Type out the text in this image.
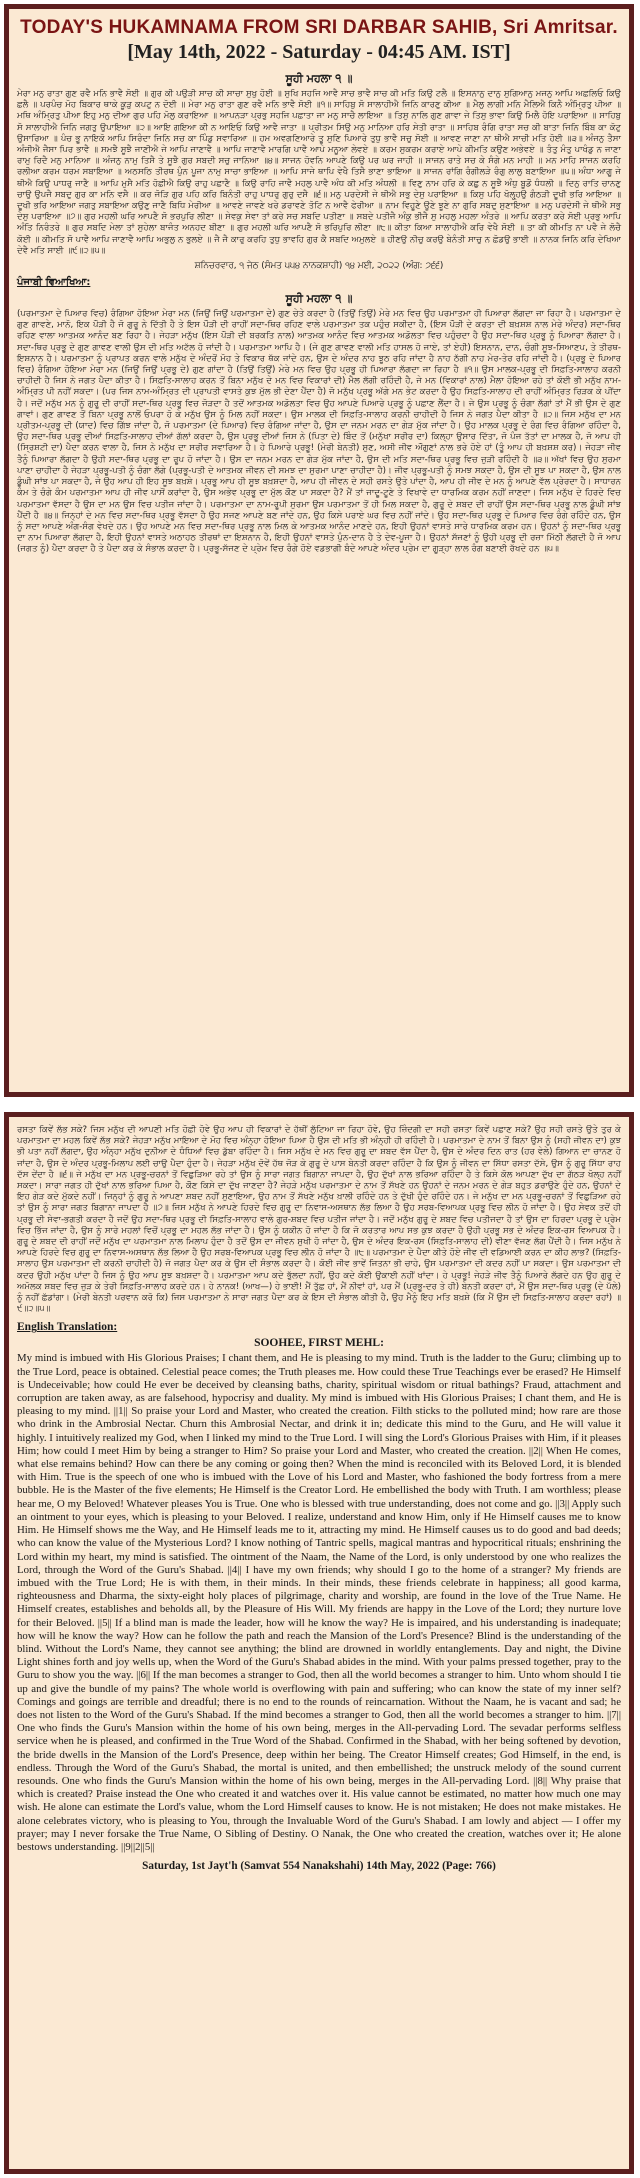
TODAY'S HUKAMNAMA FROM SRI DARBAR SAHIB, Sri Amritsar.
[May 14th, 2022 - Saturday - 04:45 AM. IST]
ਸੂਹੀ ਮਹਲਾ ੧ ॥
ਮੇਰਾ ਮਨੁ ਰਾਤਾ ਗੁਣ ਰਵੈ ਮਨਿ ਭਾਵੈ ਸੋਈ ॥ ਗੁਰ ਕੀ ਪਉੜੀ ਸਾਚ ਕੀ ਸਾਚਾ ਸੁਖੁ ਹੋਈ ॥ ਸੁਖਿ ਸਹਜਿ ਆਵੈ ਸਾਚ ਭਾਵੈ ਸਾਚ ਕੀ ਮਤਿ ਕਿਉ ਟਲੈ ॥ ਇਸਨਾਨੁ ਦਾਨੁ ਸੁਗਿਆਨੁ ਮਜਨੁ ਆਪਿ ਅਛਲਿਓ ਕਿਉ ਛਲੈ ॥ ਪਰਪੰਚ ਮੋਹ ਬਿਕਾਰ ਥਾਕੇ ਕੂੜੁ ਕਪਟੁ ਨ ਦੋਈ ॥ ਮੇਰਾ ਮਨੁ ਰਾਤਾ ਗੁਣ ਰਵੈ ਮਨਿ ਭਾਵੈ ਸੋਈ ॥੧॥ ਸਾਹਿਬੁ ਸੋ ਸਾਲਾਹੀਐ ਜਿਨਿ ਕਾਰਣੁ ਕੀਆ ॥ ਮੈਲੁ ਲਾਗੀ ਮਨਿ ਮੈਲਿਐ ਕਿਨੈ ਅੰਮ੍ਰਿਤੁ ਪੀਆ ॥ ਮਥਿ ਅੰਮ੍ਰਿਤੁ ਪੀਆ ਇਹੁ ਮਨੁ ਦੀਆ ਗੁਰ ਪਹਿ ਮੋਲੁ ਕਰਾਇਆ ॥ ਆਪਨੜਾ ਪ੍ਰਭੁ ਸਹਜਿ ਪਛਾਤਾ ਜਾ ਮਨੁ ਸਾਚੈ ਲਾਇਆ ॥ ਤਿਸੁ ਨਾਲਿ ਗੁਣ ਗਾਵਾ ਜੇ ਤਿਸੁ ਭਾਵਾ ਕਿਉ ਮਿਲੈ ਹੋਇ ਪਰਾਇਆ ॥ ਸਾਹਿਬੁ ਸੋ ਸਾਲਾਹੀਐ ਜਿਨਿ ਜਗਤੁ ਉਪਾਇਆ ॥੨॥ ਆਇ ਗਇਆ ਕੀ ਨ ਆਇਓ ਕਿਉ ਆਵੈ ਜਾਤਾ ॥ ਪ੍ਰੀਤਮ ਸਿਉ ਮਨੁ ਮਾਨਿਆ ਹਰਿ ਸੇਤੀ ਰਾਤਾ ॥ ਸਾਹਿਬ ਰੰਗਿ ਰਾਤਾ ਸਚ ਕੀ ਬਾਤਾ ਜਿਨਿ ਬਿੰਬ ਕਾ ਕੋਟੁ ਉਸਾਰਿਆ ॥ ਪੰਚ ਭੂ ਨਾਇਕੋ ਆਪਿ ਸਿਰੰਦਾ ਜਿਨਿ ਸਚ ਕਾ ਪਿੰਡੁ ਸਵਾਰਿਆ ॥ ਹਮ ਅਵਗਣਿਆਰੇ ਤੂ ਸੁਣਿ ਪਿਆਰੇ ਤੁਧੁ ਭਾਵੈ ਸਚੁ ਸੋਈ ॥ ਆਵਣ ਜਾਣਾ ਨਾ ਥੀਐ ਸਾਚੀ ਮਤਿ ਹੋਈ ॥੩॥ ਅੰਜਨੁ ਤੈਸਾ ਅੰਜੀਐ ਜੈਸਾ ਪਿਰ ਭਾਵੈ ॥ ਸਮਝੈ ਸੂਝੈ ਜਾਣੀਐ ਜੇ ਆਪਿ ਜਾਣਾਵੈ ॥ ਆਪਿ ਜਾਣਾਵੈ ਮਾਰਗਿ ਪਾਵੈ ਆਪੇ ਮਨੂਆ ਲੇਵਏ ॥ ਕਰਮ ਸੁਕਰਮ ਕਰਾਏ ਆਪੇ ਕੀਮਤਿ ਕਉਣ ਅਭੇਵਏ ॥ ਤੰਤੁ ਮੰਤੁ ਪਾਖੰਡੁ ਨ ਜਾਣਾ ਰਾਮੁ ਰਿਦੈ ਮਨੁ ਮਾਨਿਆ ॥ ਅੰਜਨੁ ਨਾਮੁ ਤਿਸੈ ਤੇ ਸੂਝੈ ਗੁਰ ਸਬਦੀ ਸਚੁ ਜਾਨਿਆ ॥੪॥ ਸਾਜਨ ਹੋਵਨਿ ਆਪਣੇ ਕਿਉ ਪਰ ਘਰ ਜਾਹੀ ॥ ਸਾਜਨ ਰਾਤੇ ਸਚ ਕੇ ਸੰਗੇ ਮਨ ਮਾਹੀ ॥ ਮਨ ਮਾਹਿ ਸਾਜਨ ਕਰਹਿ ਰਲੀਆ ਕਰਮ ਧਰਮ ਸਬਾਇਆ ॥ ਅਠਸਠਿ ਤੀਰਥ ਪੁੰਨ ਪੂਜਾ ਨਾਮੁ ਸਾਚਾ ਭਾਇਆ ॥ ਆਪਿ ਸਾਜੇ ਥਾਪਿ ਵੇਖੈ ਤਿਸੈ ਭਾਣਾ ਭਾਇਆ ॥ ਸਾਜਨ ਰਾਂਗਿ ਰੰਗੀਲੜੇ ਰੰਗੁ ਲਾਲੁ ਬਣਾਇਆ ॥੫॥ ਅੰਧਾ ਆਗੂ ਜੇ ਥੀਐ ਕਿਉ ਪਾਧਰੁ ਜਾਣੈ ॥ ਆਪਿ ਮੁਸੈ ਮਤਿ ਹੋਛੀਐ ਕਿਉ ਰਾਹੁ ਪਛਾਣੈ ॥ ਕਿਉ ਰਾਹਿ ਜਾਵੈ ਮਹਲੁ ਪਾਵੈ ਅੰਧ ਕੀ ਮਤਿ ਅੰਧਲੀ ॥ ਵਿਣੁ ਨਾਮ ਹਰਿ ਕੇ ਕਛੁ ਨ ਸੂਝੈ ਅੰਧੁ ਬੂਡੌ ਧੰਧਲੀ ॥ ਦਿਨੁ ਰਾਤਿ ਚਾਨਣੁ ਚਾਉ ਉਪਜੈ ਸਬਦੁ ਗੁਰ ਕਾ ਮਨਿ ਵਸੈ ॥ ਕਰ ਜੋੜਿ ਗੁਰ ਪਹਿ ਕਰਿ ਬਿਨੰਤੀ ਰਾਹੁ ਪਾਧਰੁ ਗੁਰੁ ਦਸੈ ॥੬॥ ਮਨੁ ਪਰਦੇਸੀ ਜੇ ਥੀਐ ਸਭੁ ਦੇਸੁ ਪਰਾਇਆ ॥ ਕਿਸੁ ਪਹਿ ਖੋਲ੍ਹ੍ਹਉ ਗੰਠੜੀ ਦੂਖੀ ਭਰਿ ਆਇਆ ॥ ਦੂਖੀ ਭਰਿ ਆਇਆ ਜਗਤੁ ਸਬਾਇਆ ਕਉਣੁ ਜਾਣੈ ਬਿਧਿ ਮੇਰੀਆ ॥ ਆਵਣੇ ਜਾਵਣੇ ਖਰੇ ਡਰਾਵਣੇ ਤੋਟਿ ਨ ਆਵੈ ਫੇਰੀਆ ॥ ਨਾਮ ਵਿਹੂਣੇ ਊਣੇ ਝੂਣੇ ਨਾ ਗੁਰਿ ਸਬਦੁ ਸੁਣਾਇਆ ॥ ਮਨੁ ਪਰਦੇਸੀ ਜੇ ਥੀਐ ਸਭੁ ਦੇਸੁ ਪਰਾਇਆ ॥੭॥ ਗੁਰ ਮਹਲੀ ਘਰਿ ਆਪਣੈ ਸੋ ਭਰਪੁਰਿ ਲੀਣਾ ॥ ਸੇਵਕੁ ਸੇਵਾ ਤਾਂ ਕਰੇ ਸਚ ਸਬਦਿ ਪਤੀਣਾ ॥ ਸਬਦੇ ਪਤੀਜੈ ਅੰਕੁ ਭੀਜੈ ਸੁ ਮਹਲੁ ਮਹਲਾ ਅੰਤਰੇ ॥ ਆਪਿ ਕਰਤਾ ਕਰੇ ਸੋਈ ਪ੍ਰਭੁ ਆਪਿ ਅੰਤਿ ਨਿਰੰਤਰੇ ॥ ਗੁਰ ਸਬਦਿ ਮੇਲਾ ਤਾਂ ਸੁਹੇਲਾ ਬਾਜੰਤ ਅਨਹਦ ਬੀਣਾ ॥ ਗੁਰ ਮਹਲੀ ਘਰਿ ਆਪਣੈ ਸੋ ਭਰਿਪੁਰਿ ਲੀਣਾ ॥੮॥ ਕੀਤਾ ਕਿਆ ਸਾਲਾਹੀਐ ਕਰਿ ਵੇਖੈ ਸੋਈ ॥ ਤਾ ਕੀ ਕੀਮਤਿ ਨਾ ਪਵੈ ਜੇ ਲੋਚੈ ਕੋਈ ॥ ਕੀਮਤਿ ਸੋ ਪਾਵੈ ਆਪਿ ਜਾਣਾਵੈ ਆਪਿ ਅਭੁਲੁ ਨ ਭੁਲਏ ॥ ਜੈ ਜੈ ਕਾਰੁ ਕਰਹਿ ਤੁਧੁ ਭਾਵਹਿ ਗੁਰ ਕੈ ਸਬਦਿ ਅਮੁਲਏ ॥ ਹੀਣਉ ਨੀਚੁ ਕਰਉ ਬੇਨੰਤੀ ਸਾਚੁ ਨ ਛੋਡਉ ਭਾਈ ॥ ਨਾਨਕ ਜਿਨਿ ਕਰਿ ਦੇਖਿਆ ਦੇਵੈ ਮਤਿ ਸਾਈ ॥੯॥੨॥੫॥
ਸ਼ਨਿਚਰਵਾਰ, ੧ ਜੇਠ (ਸੰਮਤ ੫੫੪ ਨਾਨਕਸ਼ਾਹੀ) ੧੪ ਮਈ, ੨੦੨੨ (ਅੰਗ: ੭੬੬)
ਪੰਜਾਬੀ ਵਿਆਖਿਆ:
ਸੂਹੀ ਮਹਲਾ ੧ ॥
(ਪਰਮਾਤਮਾ ਦੇ ਪਿਆਰ ਵਿਚ) ਰੰਗਿਆ ਹੋਇਆ ਮੇਰਾ ਮਨ (ਜਿਉਂ ਜਿਉਂ ਪਰਮਾਤਮਾ ਦੇ) ਗੁਣ ਚੇਤੇ ਕਰਦਾ ਹੈ (ਤਿਉਂ ਤਿਉਂ) ਮੇਰੇ ਮਨ ਵਿਚ ਉਹ ਪਰਮਾਤਮਾ ਹੀ ਪਿਆਰਾ ਲੱਗਦਾ ਜਾ ਰਿਹਾ ਹੈ। ਪਰਮਾਤਮਾ ਦੇ ਗੁਣ ਗਾਵਣੇ, ਮਾਨੋ, ਇਕ ਪੌੜੀ ਹੈ ਜੋ ਗੁਰੂ ਨੇ ਦਿੱਤੀ ਹੈ ਤੇ ਇਸ ਪੌੜੀ ਦੀ ਰਾਹੀਂ ਸਦਾ-ਥਿਰ ਰਹਿਣ ਵਾਲੇ ਪਰਮਾਤਮਾ ਤਕ ਪਹੁੰਚ ਸਕੀਦਾ ਹੈ, (ਇਸ ਪੌੜੀ ਦੇ ਕਰਤਾ ਦੀ ਬਖ਼ਸ਼ਸ਼ ਨਾਲ ਮੇਰੇ ਅੰਦਰ) ਸਦਾ-ਥਿਰ ਰਹਿਣ ਵਾਲਾ ਆਤਮਕ ਆਨੰਦ ਬਣ ਰਿਹਾ ਹੈ। ਜੇਹੜਾ ਮਨੁੱਖ (ਇਸ ਪੌੜੀ ਦੀ ਬਰਕਤਿ ਨਾਲ) ਆਤਮਕ ਆਨੰਦ ਵਿਚ ਆਤਮਕ ਅਡੋਲਤਾ ਵਿਚ ਪਹੁੰਚਦਾ ਹੈ ਉਹ ਸਦਾ-ਥਿਰ ਪ੍ਰਭੂ ਨੂੰ ਪਿਆਰਾ ਲੱਗਦਾ ਹੈ। ਸਦਾ-ਥਿਰ ਪ੍ਰਭੂ ਦੇ ਗੁਣ ਗਾਵਣ ਵਾਲੀ ਉਸ ਦੀ ਮਤਿ ਅਟੱਲ ਹੋ ਜਾਂਦੀ ਹੈ। ਪਰਮਾਤਮਾ ਆਪਿ ਹੈ। (ਜੇ ਗੁਣ ਗਾਵਣ ਵਾਲੀ ਮਤਿ ਹਾਸਲ ਹੋ ਜਾਏ, ਤਾਂ ਏਹੀ) ਇਸਨਾਨ, ਦਾਨ, ਚੰਗੀ ਸੂਝ-ਸਿਆਣਪ, ਤੇ ਤੀਰਥ-ਇਸ਼ਨਾਨ ਹੈ। ਪਰਮਾਤਮਾ ਨੂੰ ਪ੍ਰਾਪਤ ਕਰਨ ਵਾਲੇ ਮਨੁੱਖ ਦੇ ਅੰਦਰੋਂ ਮੋਹ ਤੇ ਵਿਕਾਰ ਥੱਕ ਜਾਂਦੇ ਹਨ, ਉਸ ਦੇ ਅੰਦਰ ਨਾਹ ਝੂਠ ਰਹਿ ਜਾਂਦਾ ਹੈ ਨਾਹ ਠੱਗੀ ਨਾਹ ਮੇਰ-ਤੇਰ ਰਹਿ ਜਾਂਦੀ ਹੈ। (ਪ੍ਰਭੂ ਦੇ ਪਿਆਰ ਵਿਚ) ਰੰਗਿਆ ਹੋਇਆ ਮੇਰਾ ਮਨ (ਜਿਉਂ ਜਿਉਂ ਪ੍ਰਭੂ ਦੇ) ਗੁਣ ਗਾਂਦਾ ਹੈ (ਤਿਉਂ ਤਿਉਂ) ਮੇਰੇ ਮਨ ਵਿਚ ਉਹ ਪ੍ਰਭੂ ਹੀ ਪਿਆਰਾ ਲੱਗਦਾ ਜਾ ਰਿਹਾ ਹੈ ॥੧॥ ਉਸ ਮਾਲਕ-ਪ੍ਰਭੂ ਦੀ ਸਿਫ਼ਤਿ-ਸਾਲਾਹ ਕਰਨੀ ਚਾਹੀਦੀ ਹੈ ਜਿਸ ਨੇ ਜਗਤ ਪੈਦਾ ਕੀਤਾ ਹੈ। ਸਿਫ਼ਤਿ-ਸਾਲਾਹ ਕਰਨ ਤੋਂ ਬਿਨਾ ਮਨੁੱਖ ਦੇ ਮਨ ਵਿਚ ਵਿਕਾਰਾਂ ਦੀ) ਮੈਲ ਲੱਗੀ ਰਹਿੰਦੀ ਹੈ, ਜੇ ਮਨ (ਵਿਕਾਰਾਂ ਨਾਲ) ਮੈਲਾ ਹੋਇਆ ਰਹੇ ਤਾਂ ਕੋਈ ਭੀ ਮਨੁੱਖ ਨਾਮ-ਅੰਮ੍ਰਿਤ ਪੀ ਨਹੀਂ ਸਕਦਾ। (ਪਰ ਜਿਸ ਨਾਮ-ਅੰਮ੍ਰਿਤ ਦੀ ਪ੍ਰਾਪਤੀ ਵਾਸਤੇ ਕੁਝ ਮੁੱਲ ਭੀ ਦੇਣਾ ਪੈਂਦਾ ਹੈ) ਜੋ ਮਨੁੱਖ ਪ੍ਰਭੂ ਅੱਗੇ ਮਨ ਭੇਟ ਕਰਦਾ ਹੈ ਉਹ ਸਿਫ਼ਤਿ-ਸਾਲਾਹ ਦੀ ਰਾਹੀਂ ਅੰਮ੍ਰਿਤ ਰਿੜਕ ਕੇ ਪੀਂਦਾ ਹੈ। ਜਦੋਂ ਮਨੁੱਖ ਮਨ ਨੂੰ ਗੁਰੂ ਦੀ ਰਾਹੀਂ ਸਦਾ-ਥਿਰ ਪ੍ਰਭੂ ਵਿਚ ਜੋੜਦਾ ਹੈ ਤਦੋਂ ਆਤਮਕ ਅਡੋਲਤਾ ਵਿਚ ਉਹ ਆਪਣੇ ਪਿਆਰੇ ਪ੍ਰਭੂ ਨੂੰ ਪਛਾਣ ਲੈਂਦਾ ਹੈ। ਜੇ ਉਸ ਪ੍ਰਭੂ ਨੂੰ ਚੰਗਾ ਲੱਗਾਂ ਤਾਂ ਮੈਂ ਭੀ ਉਸ ਦੇ ਗੁਣ ਗਾਵਾਂ। ਗੁਣ ਗਾਵਣ ਤੋਂ ਬਿਨਾ ਪ੍ਰਭੂ ਨਾਲੋਂ ਓਪਰਾ ਹੋ ਕੇ ਮਨੁੱਖ ਉਸ ਨੂੰ ਮਿਲ ਨਹੀਂ ਸਕਦਾ। ਉਸ ਮਾਲਕ ਦੀ ਸਿਫ਼ਤਿ-ਸਾਲਾਹ ਕਰਨੀ ਚਾਹੀਦੀ ਹੈ ਜਿਸ ਨੇ ਜਗਤ ਪੈਦਾ ਕੀਤਾ ਹੈ ॥੨॥ ਜਿਸ ਮਨੁੱਖ ਦਾ ਮਨ ਪ੍ਰੀਤਮ-ਪ੍ਰਭੂ ਦੀ (ਯਾਦ) ਵਿਚ ਗਿੱਝ ਜਾਂਦਾ ਹੈ, ਜੋ ਪਰਮਾਤਮਾ (ਦੇ ਪਿਆਰ) ਵਿਚ ਰੰਗਿਆ ਜਾਂਦਾ ਹੈ, ਉਸ ਦਾ ਜਨਮ ਮਰਨ ਦਾ ਗੇੜ ਮੁੱਕ ਜਾਂਦਾ ਹੈ। ਉਹ ਮਾਲਕ ਪ੍ਰਭੂ ਦੇ ਰੰਗ ਵਿਚ ਰੰਗਿਆ ਰਹਿੰਦਾ ਹੈ, ਉਹ ਸਦਾ-ਥਿਰ ਪ੍ਰਭੂ ਦੀਆਂ ਸਿਫ਼ਤਿ-ਸਾਲਾਹ ਦੀਆਂ ਗੱਲਾਂ ਕਰਦਾ ਹੈ, ਉਸ ਪ੍ਰਭੂ ਦੀਆਂ ਜਿਸ ਨੇ (ਪਿਤਾ ਦੇ) ਬਿੰਦ ਤੋਂ (ਮਨੁੱਖਾ ਸਰੀਰ ਦਾ) ਕਿਲ੍ਹਾ ਉਸਾਰ ਦਿੱਤਾ, ਜੋ ਪੰਜ ਤੱਤਾਂ ਦਾ ਮਾਲਕ ਹੈ, ਜੋ ਆਪ ਹੀ (ਸ੍ਰਿਸ਼ਟੀ ਦਾ) ਪੈਦਾ ਕਰਨ ਵਾਲਾ ਹੈ, ਜਿਸ ਨੇ ਮਨੁੱਖ ਦਾ ਸਰੀਰ ਸਵਾਰਿਆ ਹੈ। ਹੇ ਪਿਆਰੇ ਪ੍ਰਭੂ! (ਮੇਰੀ ਬੇਨਤੀ) ਸੁਣ, ਅਸੀ ਜੀਵ ਔਗੁਣਾਂ ਨਾਲ ਭਰੇ ਹੋਏ ਹਾਂ (ਤੂੰ ਆਪ ਹੀ ਬਖ਼ਸ਼ਸ਼ ਕਰ)। ਜੇਹੜਾ ਜੀਵ ਤੈਨੂੰ ਪਿਆਰਾ ਲੱਗਦਾ ਹੈ ਉਹੀ ਸਦਾ-ਥਿਰ ਪ੍ਰਭੂ ਦਾ ਰੂਪ ਹੋ ਜਾਂਦਾ ਹੈ। ਉਸ ਦਾ ਜਨਮ ਮਰਨ ਦਾ ਗੇੜ ਮੁੱਕ ਜਾਂਦਾ ਹੈ, ਉਸ ਦੀ ਮਤਿ ਸਦਾ-ਥਿਰ ਪ੍ਰਭੂ ਵਿਚ ਜੁੜੀ ਰਹਿੰਦੀ ਹੈ ॥੩॥ ਅੱਖਾਂ ਵਿਚ ਉਹ ਸੁਰਮਾ ਪਾਣਾ ਚਾਹੀਦਾ ਹੈ ਜੇਹੜਾ ਪ੍ਰਭੂ-ਪਤੀ ਨੂੰ ਚੰਗਾ ਲੱਗੇ (ਪ੍ਰਭੂ-ਪਤੀ ਦੇ ਆਤਮਕ ਜੀਵਨ ਦੀ ਸਮਝ ਦਾ ਸੁਰਮਾ ਪਾਣਾ ਚਾਹੀਦਾ ਹੈ)। ਜੀਵ ਪ੍ਰਭੂ-ਪਤੀ ਨੂੰ ਸਮਝ ਸਕਦਾ ਹੈ, ਉਸ ਦੀ ਸੂਝ ਪਾ ਸਕਦਾ ਹੈ, ਉਸ ਨਾਲ ਡੂੰਘੀ ਸਾਂਝ ਪਾ ਸਕਦਾ ਹੈ, ਜੇ ਉਹ ਆਪ ਹੀ ਇਹ ਸੂਝ ਬਖ਼ਸ਼ੇ। ਪ੍ਰਭੂ ਆਪ ਹੀ ਸੂਝ ਬਖ਼ਸ਼ਦਾ ਹੈ, ਆਪ ਹੀ ਜੀਵਨ ਦੇ ਸਹੀ ਰਸਤੇ ਉਤੇ ਪਾਂਦਾ ਹੈ, ਆਪ ਹੀ ਜੀਵ ਦੇ ਮਨ ਨੂੰ ਆਪਣੇ ਵੱਲ ਪ੍ਰੇਰਦਾ ਹੈ। ਸਾਧਾਰਨ ਕੰਮ ਤੇ ਚੰਗੇ ਕੰਮ ਪਰਮਾਤਮਾ ਆਪ ਹੀ ਜੀਵ ਪਾਸੋਂ ਕਰਾਂਦਾ ਹੈ, ਉਸ ਅਭੇਵ ਪ੍ਰਭੂ ਦਾ ਮੁੱਲ ਕੌਣ ਪਾ ਸਕਦਾ ਹੈ? ਮੈਂ ਤਾਂ ਜਾਦੂ-ਟੂਣੇ ਤੇ ਵਿਖਾਵੇ ਦਾ ਧਾਰਮਿਕ ਕਰਮ ਨਹੀਂ ਜਾਣਦਾ। ਜਿਸ ਮਨੁੱਖ ਦੇ ਹਿਰਦੇ ਵਿਚ ਪਰਮਾਤਮਾ ਵੱਸਦਾ ਹੈ ਉਸ ਦਾ ਮਨ ਉਸ ਵਿਚ ਪਤੀਜ ਜਾਂਦਾ ਹੈ। ਪਰਮਾਤਮਾ ਦਾ ਨਾਮ-ਰੂਪੀ ਸੁਰਮਾ ਉਸ ਪਰਮਾਤਮਾ ਤੋਂ ਹੀ ਮਿਲ ਸਕਦਾ ਹੈ, ਗੁਰੂ ਦੇ ਸ਼ਬਦ ਦੀ ਰਾਹੀਂ ਉਸ ਸਦਾ-ਥਿਰ ਪ੍ਰਭੂ ਨਾਲ ਡੂੰਘੀ ਸਾਂਝ ਪੈਂਦੀ ਹੈ ॥੪॥ ਜਿਨ੍ਹਾਂ ਦੇ ਮਨ ਵਿਚ ਸਦਾ-ਥਿਰ ਪ੍ਰਭੂ ਵੱਸਦਾ ਹੈ ਉਹ ਸਜਣ ਆਪਣੇ ਬਣ ਜਾਂਦੇ ਹਨ, ਉਹ ਕਿਸੇ ਪਰਾਏ ਘਰ ਵਿਚ ਨਹੀਂ ਜਾਂਦੇ। ਉਹ ਸਦਾ-ਥਿਰ ਪ੍ਰਭੂ ਦੇ ਪਿਆਰ ਵਿਚ ਰੰਗੇ ਰਹਿੰਦੇ ਹਨ, ਉਸ ਨੂੰ ਸਦਾ ਆਪਣੇ ਅੰਗ-ਸੰਗ ਵੇਖਦੇ ਹਨ। ਉਹ ਆਪਣੇ ਮਨ ਵਿਚ ਸਦਾ-ਥਿਰ ਪ੍ਰਭੂ ਨਾਲ ਮਿਲ ਕੇ ਆਤਮਕ ਆਨੰਦ ਮਾਣਦੇ ਹਨ, ਇਹੀ ਉਹਨਾਂ ਵਾਸਤੇ ਸਾਰੇ ਧਾਰਮਿਕ ਕਰਮ ਹਨ। ਉਹਨਾਂ ਨੂੰ ਸਦਾ-ਥਿਰ ਪ੍ਰਭੂ ਦਾ ਨਾਮ ਪਿਆਰਾ ਲੱਗਦਾ ਹੈ, ਇਹੀ ਉਹਨਾਂ ਵਾਸਤੇ ਅਠਾਹਠ ਤੀਰਥਾਂ ਦਾ ਇਸ਼ਨਾਨ ਹੈ, ਇਹੀ ਉਹਨਾਂ ਵਾਸਤੇ ਪੁੰਨ-ਦਾਨ ਹੈ ਤੇ ਦੇਵ-ਪੂਜਾ ਹੈ। ਉਹਨਾਂ ਸੱਜਣਾਂ ਨੂੰ ਉਹੀ ਪ੍ਰਭੂ ਦੀ ਰਜ਼ਾ ਮਿੱਠੀ ਲੱਗਦੀ ਹੈ ਜੋ ਆਪ (ਜਗਤ ਨੂੰ) ਪੈਦਾ ਕਰਦਾ ਹੈ ਤੇ ਪੈਦਾ ਕਰ ਕੇ ਸੰਭਾਲ ਕਰਦਾ ਹੈ। ਪ੍ਰਭੂ-ਸੱਜਣ ਦੇ ਪ੍ਰੇਮ ਵਿਚ ਰੰਗੇ ਹੋਏ ਵਡਭਾਗੀ ਬੰਦੇ ਆਪਣੇ ਅੰਦਰ ਪ੍ਰੇਮ ਦਾ ਗੂੜ੍ਹਾ ਲਾਲ ਰੰਗ ਬਣਾਈ ਰੱਖਦੇ ਹਨ ॥੫॥
ਰਸਤਾ ਕਿਵੇਂ ਲੱਭ ਸਕੇ? ਜਿਸ ਮਨੁੱਖ ਦੀ ਆਪਣੀ ਮਤਿ ਹੋਛੀ ਹੋਵੇ ਉਹ ਆਪ ਹੀ ਵਿਕਾਰਾਂ ਦੇ ਹੱਥੀਂ ਲੁੱਟਿਆ ਜਾ ਰਿਹਾ ਹੋਵੇ, ਉਹ ਜ਼ਿੰਦਗੀ ਦਾ ਸਹੀ ਰਸਤਾ ਕਿਵੇਂ ਪਛਾਣ ਸਕੇ? ਉਹ ਸਹੀ ਰਸਤੇ ਉਤੇ ਤੁਰ ਕੇ ਪਰਮਾਤਮਾ ਦਾ ਮਹਲ ਕਿਵੇਂ ਲੱਭ ਸਕੇ? ਜੇਹੜਾ ਮਨੁੱਖ ਮਾਇਆ ਦੇ ਮੋਹ ਵਿਚ ਅੰਨ੍ਹਾ ਹੋਇਆ ਪਿਆ ਹੈ ਉਸ ਦੀ ਮਤਿ ਭੀ ਅੰਨ੍ਹੀ ਹੀ ਰਹਿੰਦੀ ਹੈ। ਪਰਮਾਤਮਾ ਦੇ ਨਾਮ ਤੋਂ ਬਿਨਾ ਉਸ ਨੂੰ (ਸਹੀ ਜੀਵਨ ਦਾ) ਕੁਝ ਭੀ ਪਤਾ ਨਹੀਂ ਲੱਗਦਾ, ਉਹ ਅੰਨ੍ਹਾ ਮਨੁੱਖ ਦੁਨੀਆ ਦੇ ਧੰਧਿਆਂ ਵਿਚ ਡੁੱਬਾ ਰਹਿੰਦਾ ਹੈ। ਜਿਸ ਮਨੁੱਖ ਦੇ ਮਨ ਵਿਚ ਗੁਰੂ ਦਾ ਸ਼ਬਦ ਵੱਸ ਪੈਂਦਾ ਹੈ, ਉਸ ਦੇ ਅੰਦਰ ਦਿਨ ਰਾਤ (ਹਰ ਵੇਲੇ) ਗਿਆਨ ਦਾ ਚਾਨਣ ਹੋ ਜਾਂਦਾ ਹੈ, ਉਸ ਦੇ ਅੰਦਰ ਪ੍ਰਭੂ-ਮਿਲਾਪ ਲਈ ਚਾਉ ਪੈਦਾ ਹੁੰਦਾ ਹੈ। ਜੇਹੜਾ ਮਨੁੱਖ ਦੋਵੇਂ ਹੱਥ ਜੋੜ ਕੇ ਗੁਰੂ ਦੇ ਪਾਸ ਬੇਨਤੀ ਕਰਦਾ ਰਹਿੰਦਾ ਹੈ ਕਿ ਉਸ ਨੂੰ ਜੀਵਨ ਦਾ ਸਿੱਧਾ ਰਸਤਾ ਦੱਸੇ, ਉਸ ਨੂੰ ਗੁਰੂ ਸਿੱਧਾ ਰਾਹ ਦੱਸ ਦੇਂਦਾ ਹੈ ॥੬॥ ਜੇ ਮਨੁੱਖ ਦਾ ਮਨ ਪ੍ਰਭੂ-ਚਰਨਾਂ ਤੋਂ ਵਿਛੁੜਿਆ ਰਹੇ ਤਾਂ ਉਸ ਨੂੰ ਸਾਰਾ ਜਗਤ ਬਿਗਾਨਾ ਜਾਪਦਾ ਹੈ, ਉਹ ਦੁੱਖਾਂ ਨਾਲ ਭਰਿਆ ਰਹਿੰਦਾ ਹੈ ਤੇ ਕਿਸੇ ਕੋਲ ਆਪਣਾ ਦੁੱਖ ਦਾ ਗੱਠੜ ਖੋਲ੍ਹ ਨਹੀਂ ਸਕਦਾ। ਸਾਰਾ ਜਗਤ ਹੀ ਦੁੱਖਾਂ ਨਾਲ ਭਰਿਆ ਪਿਆ ਹੈ, ਕੌਣ ਕਿਸੇ ਦਾ ਦੁੱਖ ਜਾਣਦਾ ਹੈ? ਜੇਹੜੇ ਮਨੁੱਖ ਪਰਮਾਤਮਾ ਦੇ ਨਾਮ ਤੋਂ ਸੱਖਣੇ ਹਨ ਉਹਨਾਂ ਦੇ ਜਨਮ ਮਰਨ ਦੇ ਗੇੜ ਬਹੁਤ ਡਰਾਉਣੇ ਹੁੰਦੇ ਹਨ, ਉਹਨਾਂ ਦੇ ਇਹ ਗੇੜ ਕਦੇ ਮੁੱਕਦੇ ਨਹੀਂ। ਜਿਨ੍ਹਾਂ ਨੂੰ ਗੁਰੂ ਨੇ ਆਪਣਾ ਸ਼ਬਦ ਨਹੀਂ ਸੁਣਾਇਆ, ਉਹ ਨਾਮ ਤੋਂ ਸੱਖਣੇ ਮਨੁੱਖ ਖ਼ਾਲੀ ਰਹਿੰਦੇ ਹਨ ਤੇ ਦੁੱਖੀ ਹੁੰਦੇ ਰਹਿੰਦੇ ਹਨ। ਜੇ ਮਨੁੱਖ ਦਾ ਮਨ ਪ੍ਰਭੂ-ਚਰਨਾਂ ਤੋਂ ਵਿਛੁੜਿਆ ਰਹੇ ਤਾਂ ਉਸ ਨੂੰ ਸਾਰਾ ਜਗਤ ਬਿਗਾਨਾ ਜਾਪਦਾ ਹੈ ॥੭॥ ਜਿਸ ਮਨੁੱਖ ਨੇ ਆਪਣੇ ਹਿਰਦੇ ਵਿਚ ਗੁਰੂ ਦਾ ਨਿਵਾਸ-ਅਸਥਾਨ ਲੱਭ ਲਿਆ ਹੈ ਉਹ ਸਰਬ-ਵਿਆਪਕ ਪ੍ਰਭੂ ਵਿਚ ਲੀਨ ਹੋ ਜਾਂਦਾ ਹੈ। ਉਹ ਸੇਵਕ ਤਦੋਂ ਹੀ ਪ੍ਰਭੂ ਦੀ ਸੇਵਾ-ਭਗਤੀ ਕਰਦਾ ਹੈ ਜਦੋਂ ਉਹ ਸਦਾ-ਥਿਰ ਪ੍ਰਭੂ ਦੀ ਸਿਫ਼ਤਿ-ਸਾਲਾਹ ਵਾਲੇ ਗੁਰ-ਸ਼ਬਦ ਵਿਚ ਪਤੀਜ ਜਾਂਦਾ ਹੈ। ਜਦੋਂ ਮਨੁੱਖ ਗੁਰੂ ਦੇ ਸ਼ਬਦ ਵਿਚ ਪਤੀਜਦਾ ਹੈ ਤਾਂ ਉਸ ਦਾ ਹਿਰਦਾ ਪ੍ਰਭੂ ਦੇ ਪ੍ਰੇਮ ਵਿਚ ਭਿੱਜ ਜਾਂਦਾ ਹੈ, ਉਸ ਨੂੰ ਸਾਰੇ ਮਹਲਾਂ ਵਿਚੋਂ ਪ੍ਰਭੂ ਦਾ ਮਹਲ ਲੱਭ ਜਾਂਦਾ ਹੈ। ਉਸ ਨੂੰ ਯਕੀਨ ਹੋ ਜਾਂਦਾ ਹੈ ਕਿ ਜੋ ਕਰਤਾਰ ਆਪ ਸਭ ਕੁਝ ਕਰਦਾ ਹੈ ਉਹੀ ਪ੍ਰਭੂ ਸਭ ਦੇ ਅੰਦਰ ਇਕ-ਰਸ ਵਿਆਪਕ ਹੈ। ਗੁਰੂ ਦੇ ਸ਼ਬਦ ਦੀ ਰਾਹੀਂ ਜਦੋਂ ਮਨੁੱਖ ਦਾ ਪਰਮਾਤਮਾ ਨਾਲ ਮਿਲਾਪ ਹੁੰਦਾ ਹੈ ਤਦੋਂ ਉਸ ਦਾ ਜੀਵਨ ਸੁਖੀ ਹੋ ਜਾਂਦਾ ਹੈ, ਉਸ ਦੇ ਅੰਦਰ ਇਕ-ਰਸ (ਸਿਫ਼ਤਿ-ਸਾਲਾਹ ਦੀ) ਵੀਣਾ ਵੱਜਣ ਲੱਗ ਪੈਂਦੀ ਹੈ। ਜਿਸ ਮਨੁੱਖ ਨੇ ਆਪਣੇ ਹਿਰਦੇ ਵਿਚ ਗੁਰੂ ਦਾ ਨਿਵਾਸ-ਅਸਥਾਨ ਲੱਭ ਲਿਆ ਹੈ ਉਹ ਸਰਬ-ਵਿਆਪਕ ਪ੍ਰਭੂ ਵਿਚ ਲੀਨ ਹੋ ਜਾਂਦਾ ਹੈ ॥੮॥ ਪਰਮਾਤਮਾ ਦੇ ਪੈਦਾ ਕੀਤੇ ਹੋਏ ਜੀਵ ਦੀ ਵਡਿਆਈ ਕਰਨ ਦਾ ਕੀਹ ਲਾਭ? (ਸਿਫ਼ਤਿ-ਸਾਲਾਹ ਉਸ ਪਰਮਾਤਮਾ ਦੀ ਕਰਨੀ ਚਾਹੀਦੀ ਹੈ) ਜੋ ਜਗਤ ਪੈਦਾ ਕਰ ਕੇ ਉਸ ਦੀ ਸੰਭਾਲ ਕਰਦਾ ਹੈ। ਕੋਈ ਜੀਵ ਭਾਵੇਂ ਜਿਤਨਾ ਭੀ ਚਾਹੇ, ਉਸ ਪਰਮਾਤਮਾ ਦੀ ਕਦਰ ਨਹੀਂ ਪਾ ਸਕਦਾ। ਉਸ ਪਰਮਾਤਮਾ ਦੀ ਕਦਰ ਉਹੀ ਮਨੁੱਖ ਪਾਂਦਾ ਹੈ ਜਿਸ ਨੂੰ ਉਹ ਆਪ ਸੂਝ ਬਖ਼ਸ਼ਦਾ ਹੈ। ਪਰਮਾਤਮਾ ਆਪ ਕਦੇ ਭੁੱਲਦਾ ਨਹੀਂ, ਉਹ ਕਦੇ ਕੋਈ ਉਕਾਈ ਨਹੀਂ ਖਾਂਦਾ। ਹੇ ਪ੍ਰਭੂ! ਜੇਹੜੇ ਜੀਵ ਤੈਨੂੰ ਪਿਆਰੇ ਲੱਗਦੇ ਹਨ ਉਹ ਗੁਰੂ ਦੇ ਅਮੋਲਕ ਸ਼ਬਦ ਵਿਚ ਜੁੜ ਕੇ ਤੇਰੀ ਸਿਫ਼ਤਿ-ਸਾਲਾਹ ਕਰਦੇ ਹਨ। ਹੇ ਨਾਨਕ! (ਆਖ—) ਹੇ ਭਾਈ! ਮੈਂ ਤੁੱਛ ਹਾਂ, ਮੈਂ ਨੀਵਾਂ ਹਾਂ, ਪਰ ਮੈਂ (ਪ੍ਰਭੂ-ਦਰ ਤੇ ਹੀ) ਬੇਨਤੀ ਕਰਦਾ ਹਾਂ, ਮੈਂ ਉਸ ਸਦਾ-ਥਿਰ ਪ੍ਰਭੂ (ਦੇ ਪੱਲੇ) ਨੂੰ ਨਹੀਂ ਛੱਡਾਂਗਾ। (ਮੇਰੀ ਬੇਨਤੀ ਪਰਵਾਨ ਕਰੋ ਕਿ) ਜਿਸ ਪਰਮਾਤਮਾ ਨੇ ਸਾਰਾ ਜਗਤ ਪੈਦਾ ਕਰ ਕੇ ਇਸ ਦੀ ਸੰਭਾਲ ਕੀਤੀ ਹੈ, ਉਹ ਮੈਨੂੰ ਇਹ ਮਤਿ ਬਖ਼ਸ਼ੇ (ਕਿ ਮੈਂ ਉਸ ਦੀ ਸਿਫ਼ਤਿ-ਸਾਲਾਹ ਕਰਦਾ ਰਹਾਂ) ॥੯॥੨॥੫॥
English Translation:
SOOHEE, FIRST MEHL:
My mind is imbued with His Glorious Praises; I chant them, and He is pleasing to my mind. Truth is the ladder to the Guru; climbing up to the True Lord, peace is obtained. Celestial peace comes; the Truth pleases me. How could these True Teachings ever be erased? He Himself is Undeceivable; how could He ever be deceived by cleansing baths, charity, spiritual wisdom or ritual bathings? Fraud, attachment and corruption are taken away, as are falsehood, hypocrisy and duality. My mind is imbued with His Glorious Praises; I chant them, and He is pleasing to my mind. ||1|| So praise your Lord and Master, who created the creation. Filth sticks to the polluted mind; how rare are those who drink in the Ambrosial Nectar. Churn this Ambrosial Nectar, and drink it in; dedicate this mind to the Guru, and He will value it highly. I intuitively realized my God, when I linked my mind to the True Lord. I will sing the Lord's Glorious Praises with Him, if it pleases Him; how could I meet Him by being a stranger to Him? So praise your Lord and Master, who created the creation. ||2|| When He comes, what else remains behind? How can there be any coming or going then? When the mind is reconciled with its Beloved Lord, it is blended with Him. True is the speech of one who is imbued with the Love of his Lord and Master, who fashioned the body fortress from a mere bubble. He is the Master of the five elements; He Himself is the Creator Lord. He embellished the body with Truth. I am worthless; please hear me, O my Beloved! Whatever pleases You is True. One who is blessed with true understanding, does not come and go. ||3|| Apply such an ointment to your eyes, which is pleasing to your Beloved. I realize, understand and know Him, only if He Himself causes me to know Him. He Himself shows me the Way, and He Himself leads me to it, attracting my mind. He Himself causes us to do good and bad deeds; who can know the value of the Mysterious Lord? I know nothing of Tantric spells, magical mantras and hypocritical rituals; enshrining the Lord within my heart, my mind is satisfied. The ointment of the Naam, the Name of the Lord, is only understood by one who realizes the Lord, through the Word of the Guru's Shabad. ||4|| I have my own friends; why should I go to the home of a stranger? My friends are imbued with the True Lord; He is with them, in their minds. In their minds, these friends celebrate in happiness; all good karma, righteousness and Dharma, the sixty-eight holy places of pilgrimage, charity and worship, are found in the love of the True Name. He Himself creates, establishes and beholds all, by the Pleasure of His Will. My friends are happy in the Love of the Lord; they nurture love for their Beloved. ||5|| If a blind man is made the leader, how will he know the way? He is impaired, and his understanding is inadequate; how will he know the way? How can he follow the path and reach the Mansion of the Lord's Presence? Blind is the understanding of the blind. Without the Lord's Name, they cannot see anything; the blind are drowned in worldly entanglements. Day and night, the Divine Light shines forth and joy wells up, when the Word of the Guru's Shabad abides in the mind. With your palms pressed together, pray to the Guru to show you the way. ||6|| If the man becomes a stranger to God, then all the world becomes a stranger to him. Unto whom should I tie up and give the bundle of my pains? The whole world is overflowing with pain and suffering; who can know the state of my inner self? Comings and goings are terrible and dreadful; there is no end to the rounds of reincarnation. Without the Naam, he is vacant and sad; he does not listen to the Word of the Guru's Shabad. If the mind becomes a stranger to God, then all the world becomes a stranger to him. ||7|| One who finds the Guru's Mansion within the home of his own being, merges in the All-pervading Lord. The sevadar performs selfless service when he is pleased, and confirmed in the True Word of the Shabad. Confirmed in the Shabad, with her being softened by devotion, the bride dwells in the Mansion of the Lord's Presence, deep within her being. The Creator Himself creates; God Himself, in the end, is endless. Through the Word of the Guru's Shabad, the mortal is united, and then embellished; the unstruck melody of the sound current resounds. One who finds the Guru's Mansion within the home of his own being, merges in the All-pervading Lord. ||8|| Why praise that which is created? Praise instead the One who created it and watches over it. His value cannot be estimated, no matter how much one may wish. He alone can estimate the Lord's value, whom the Lord Himself causes to know. He is not mistaken; He does not make mistakes. He alone celebrates victory, who is pleasing to You, through the Invaluable Word of the Guru's Shabad. I am lowly and abject — I offer my prayer; may I never forsake the True Name, O Sibling of Destiny. O Nanak, the One who created the creation, watches over it; He alone bestows understanding. ||9||2||5||
Saturday, 1st Jayt'h (Samvat 554 Nanakshahi) 14th May, 2022 (Page: 766)
